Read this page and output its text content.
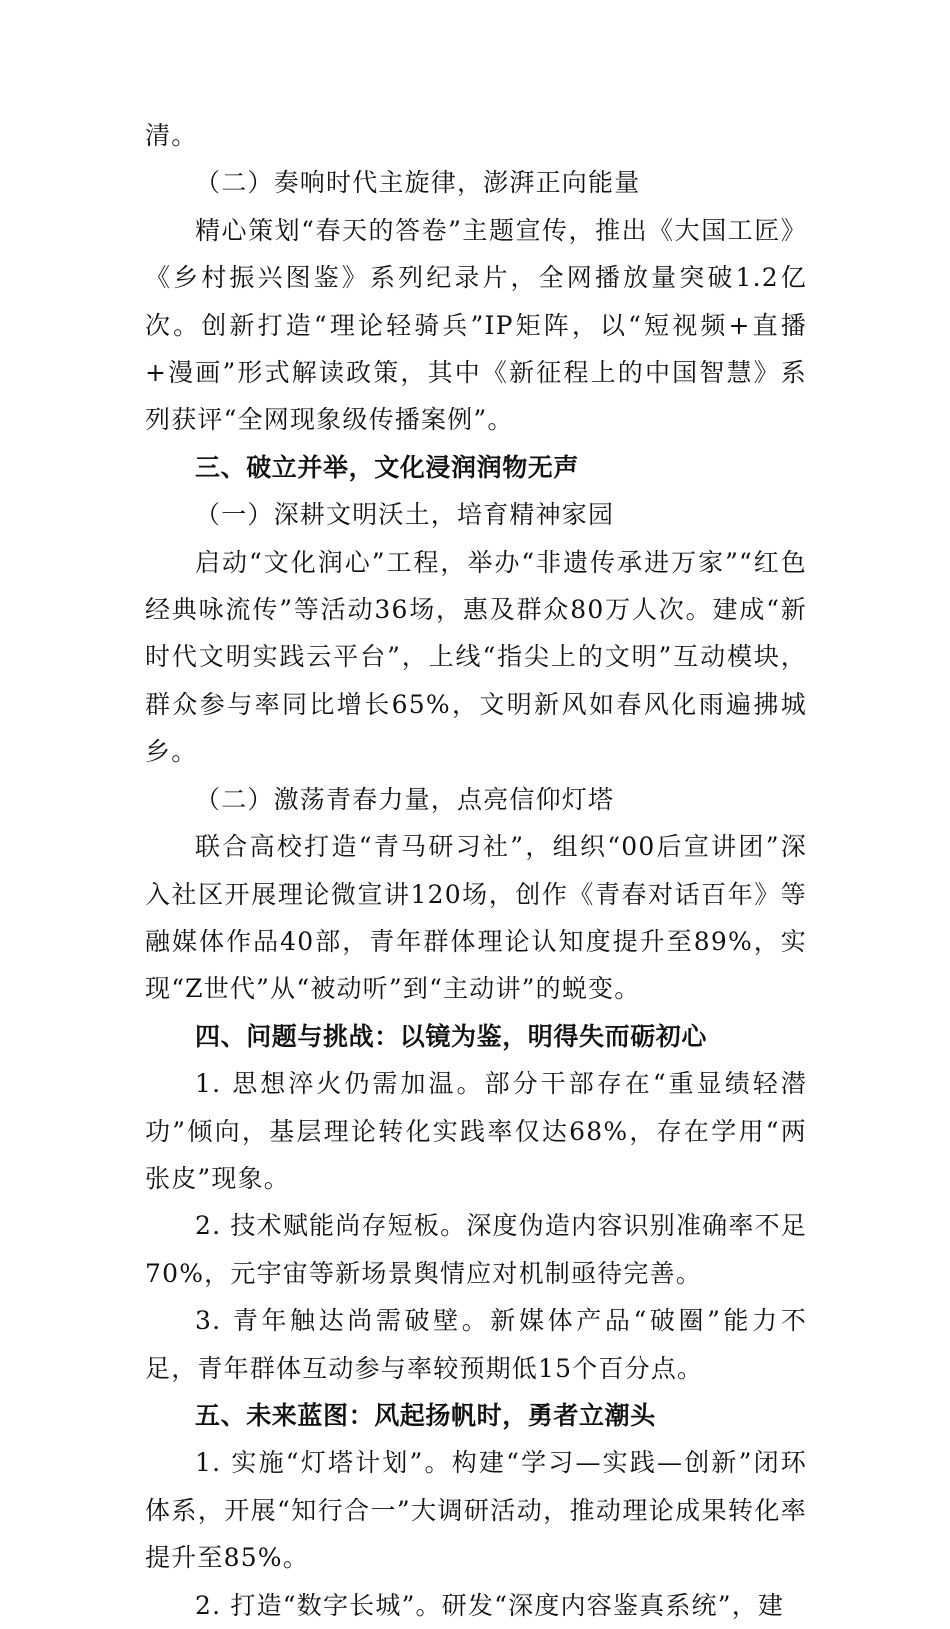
清。

（二）奏响时代主旋律，澎湃正向能量

精心策划“春天的答卷”主题宣传，推出《大国工匠》《乡村振兴图鉴》系列纪录片，全网播放量突破1.2亿次。创新打造“理论轻骑兵”IP矩阵，以“短视频+直播+漫画”形式解读政策，其中《新征程上的中国智慧》系列获评“全网现象级传播案例”。

三、破立并举，文化浸润润物无声
（一）深耕文明沃土，培育精神家园

启动“文化润心”工程，举办“非遗传承进万家”“红色经典咏流传”等活动36场，惠及群众80万人次。建成“新时代文明实践云平台”，上线“指尖上的文明”互动模块，群众参与率同比增长65%，文明新风如春风化雨遍拂城乡。

（二）激荡青春力量，点亮信仰灯塔

联合高校打造“青马研习社”，组织“00后宣讲团”深入社区开展理论微宣讲120场，创作《青春对话百年》等融媒体作品40部，青年群体理论认知度提升至89%，实现“Z世代”从“被动听”到“主动讲”的蜕变。

四、问题与挑战：以镜为鉴，明得失而砺初心

1. 思想淬火仍需加温。部分干部存在“重显绩轻潜功”倾向，基层理论转化实践率仅达68%，存在学用“两张皮”现象。

2. 技术赋能尚存短板。深度伪造内容识别准确率不足70%，元宇宙等新场景舆情应对机制亟待完善。

3. 青年触达尚需破壁。新媒体产品“破圈”能力不足，青年群体互动参与率较预期低15个百分点。

五、未来蓝图：风起扬帆时，勇者立潮头

1. 实施“灯塔计划”。构建“学习—实践—创新”闭环体系，开展“知行合一”大调研活动，推动理论成果转化率提升至85%。

2. 打造“数字长城”。研发“深度内容鉴真系统”，建
